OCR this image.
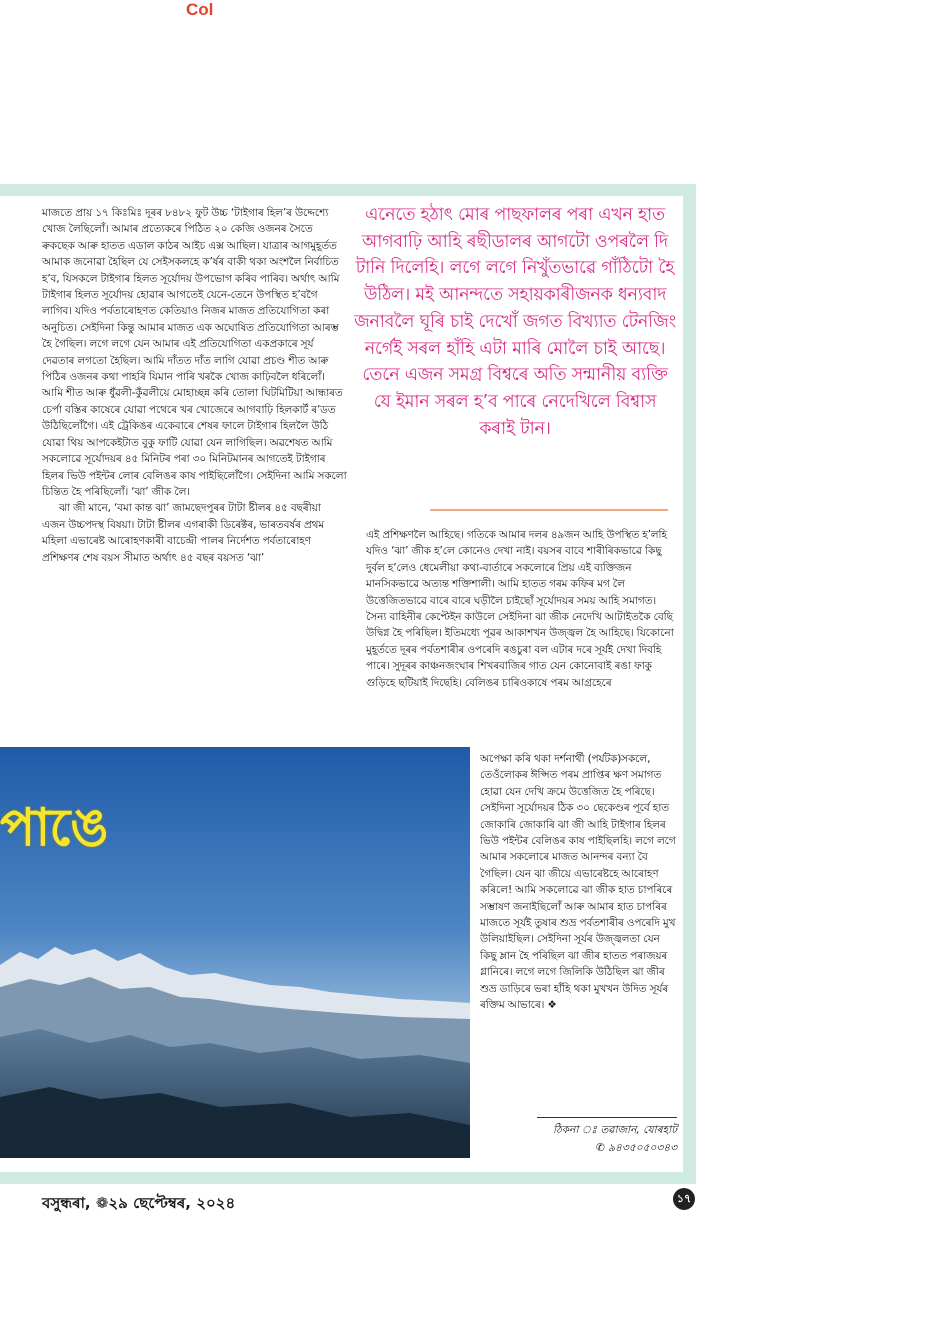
Col

মাজতে প্ৰায় ১৭ কিঃমিঃ দূৰৰ ৮৪৮২ ফুট উচ্চ ‘টাইগাৰ হিল’ৰ উদ্দেশ্যে খোজ লৈছিলোঁ। আমাৰ প্ৰত্যেকৰে পিঠিত ২০ কেজি ওজনৰ সৈতে ৰুকছেক আৰু হাতত এডাল কাঠৰ আইচ এক্স আছিল। যাত্ৰাৰ আগমুহূৰ্তত আমাক জনোৱা হৈছিল যে সেইসকলহে ক’ৰ্ষৰ বাকী থকা অংশলৈ নিৰ্বাচিত হ’ব, যিসকলে টাইগাৰ হিলত সূৰ্যোদয় উপভোগ কৰিব পাৰিব। অৰ্থাৎ আমি টাইগাৰ হিলত সূৰ্যোদয় হোৱাৰ আগতেই যেনে-তেনে উপস্থিত হ’বগৈ লাগিব। যদিও পৰ্বতাৰোহণত কেতিয়াও নিজৰ মাজত প্ৰতিযোগিতা কৰা অনুচিত। সেইদিনা কিন্তু আমাৰ মাজত এক অঘোষিত প্ৰতিযোগিতা আৰম্ভ হৈ গৈছিল। লগে লগে যেন আমাৰ এই প্ৰতিযোগিতা একপ্ৰকাৰে সূৰ্য দেৱতাৰ লগতো হৈছিল। আমি দাঁতত দাঁত লাগি যোৱা প্ৰচণ্ড শীত আৰু পিঠিৰ ওজনৰ কথা পাহৰি যিমান পাৰি খৰকৈ খোজ কাঢ়িবলৈ ধৰিলোঁ। আমি শীত আৰু ধুঁৱলী-কুঁৱলীয়ে মোহাচ্ছন্ন কৰি তোলা ঘিটমিটিয়া আন্ধাৰত চেৰ্পা বস্তিৰ কাষেৰে যোৱা পথেৰে খৰ খোজেৰে আগবাঢ়ি হিলকাৰ্ট ৰ’ডত উঠিছিলোঁগৈ। এই ট্ৰেকিঙৰ একেবাৰে শেষৰ ফালে টাইগাৰ হিললৈ উঠি যোৱা থিয় আপকেইটাত বুকু ফাটি যোৱা যেন লাগিছিল। অৱশেষত আমি সকলোৱে সূৰ্যোদয়ৰ ৪৫ মিনিটৰ পৰা ৩০ মিনিটমানৰ আগতেই টাইগাৰ হিলৰ ভিউ পইন্টৰ লোৰ বেলিঙৰ কাষ পাইছিলোঁগৈ। সেইদিনা আমি সকলো চিন্তিত হৈ পৰিছিলোঁ। ‘ঝা’ জীক লৈ।

ঝা জী মানে, ‘বমা কান্ত ঝা’ জামছেদপুৰৰ টাটা ষ্টীলৰ ৪৫ বছৰীয়া এজন উচ্চপদস্থ বিষয়া। টাটা ষ্টীলৰ এগৰাকী ডিৰেক্টৰ, ভাৰতবৰ্ষৰ প্ৰথম মহিলা এভাৰেষ্ট আৰোহণকাৰী বাচেন্দ্ৰী পালৰ নিৰ্দেশত পৰ্বতাৰোহণ প্ৰশিক্ষণৰ শেষ বয়স সীমাত অৰ্থাৎ ৪৫ বছৰ বয়সত ‘ঝা’

এনেতে হঠাৎ মোৰ পাছফালৰ পৰা এখন হাত আগবাঢ়ি আহি ৰছীডালৰ আগটো ওপৰলৈ দি টানি দিলেহি। লগে লগে নিখুঁতভাৱে গাঁঠিটো হৈ উঠিল। মই আনন্দতে সহায়কাৰীজনক ধন্যবাদ জনাবলৈ ঘূৰি চাই দেখোঁ জগত বিখ্যাত টেনজিং নৰ্গেই সৰল হাঁহি এটা মাৰি মোলৈ চাই আছে। তেনে এজন সমগ্ৰ বিশ্বৰে অতি সন্মানীয় ব্যক্তি যে ইমান সৰল হ’ব পাৰে নেদেখিলে বিশ্বাস কৰাই টান।

এই প্ৰশিক্ষণলৈ আহিছে। গতিকে আমাৰ দলৰ ৪৯জন আহি উপস্থিত হ’লহি যদিও ‘ঝা’ জীক হ’লে কোনেও দেখা নাই। বয়সৰ বাবে শাৰীৰিকভাৱে কিছু দুৰ্বল হ’লেও ধেমেলীয়া কথা-বাৰ্তাৰে সকলোৰে প্ৰিয় এই ব্যক্তিজন মানসিকভাৱে অত্যন্ত শক্তিশালী। আমি হাতত গৰম কফিৰ মগ লৈ উত্তেজিতভাৱে বাৰে বাৰে ঘড়ীলৈ চাইছোঁ সূৰ্যোদয়ৰ সময় আহি সমাগত। সৈন্য বাহিনীৰ কেপ্টেইন কাউলে সেইদিনা ঝা জীক নেদেখি আটাইতকৈ বেছি উদ্বিগ্ন হৈ পৰিছিল। ইতিমধ্যে পূৱৰ আকাশখন উজ্জ্বল হৈ আহিছে। যিকোনো মুহূৰ্ততে দূৰৰ পৰ্বতশাৰীৰ ওপৰেদি ৰঙচুৰা বল এটাৰ দৰে সূৰ্যই দেখা দিবহি পাৰে। সুদূৰৰ কাঞ্চনজংঘাৰ শিখৰবাজিৰ গাত যেন কোনোবাই ৰঙা ফাকু গুড়িহে ছটিয়াই দিছেহি। বেলিঙৰ চাৰিওকাষে পৰম আগ্ৰহেৰে

পাঙে

অপেক্ষা কৰি থকা দৰ্শনাৰ্থী (পৰ্যটক)সকলে, তেওঁলোকৰ ঈপ্সিত পৰম প্ৰাপ্তিৰ ক্ষণ সমাগত হোৱা যেন দেখি ক্ৰমে উত্তেজিত হৈ পৰিছে। সেইদিনা সূৰ্যোদয়ৰ ঠিক ৩০ ছেকেণ্ডৰ পূৰ্বে হাত জোকাৰি জোকাৰি ঝা জী আহি টাইগাৰ হিলৰ ভিউ পইন্টৰ বেলিঙৰ কাষ পাইছিলহি। লগে লগে আমাৰ সকলোৰে মাজত আনন্দৰ বন্যা বৈ গৈছিল। যেন ঝা জীয়ে এভাৰেষ্টহে আৰোহণ কৰিলে! আমি সকলোৱে ঝা জীক হাত চাপৰিৰে সম্ভাষণ জনাইছিলোঁ আৰু আমাৰ হাত চাপৰিৰ মাজতে সূৰ্যই তুষাৰ শুভ্ৰ পৰ্বতশাৰীৰ ওপৰেদি মুখ উলিয়াইছিল। সেইদিনা সূৰ্যৰ উজ্জ্বলতা যেন কিছু ম্লান হৈ পৰিছিল ঝা জীৰ হাতত পৰাজয়ৰ গ্লানিৰে। লগে লগে জিলিকি উঠিছিল ঝা জীৰ শুভ্ৰ ডাড়িৰে ভৰা হাঁহি থকা মুখখন উদিত সূৰ্যৰ ৰক্তিম আভাৰে। ❖

ঠিকনা ঃ তৱাজান, যোৰহাট
✆ ৯৪৩৫০৫০৩৪৩
বসুন্ধৰা, ❁২৯ ছেপ্টেম্বৰ, ২০২৪	১৭
